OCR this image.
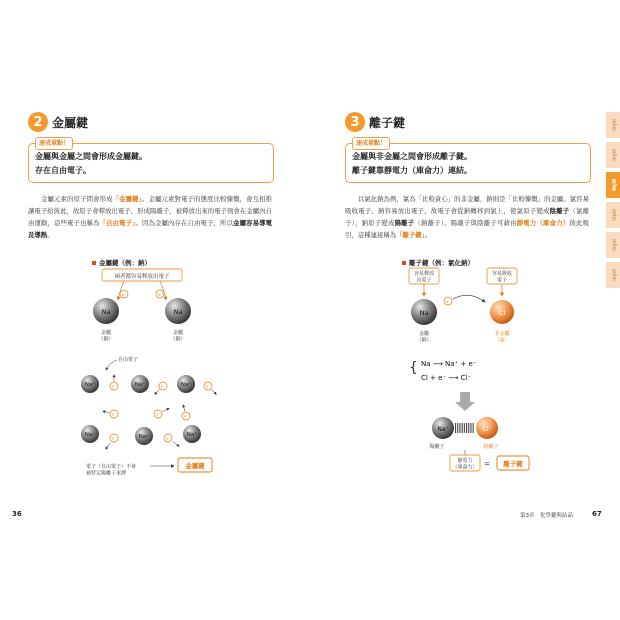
2 金屬鍵
速成重點！
金屬與金屬之間會形成金屬鍵。
存在自由電子。
　　金屬元素的原子間會形成「金屬鍵」。金屬元素對電子的態度比較慷慨，會互相推讓電子給彼此，故原子會釋放出電子，形成陽離子，被釋放出來的電子則會在金屬內自由運動，這些電子也稱為「自由電子」。因為金屬內存在自由電子，所以金屬容易導電及導熱。
金屬鍵（例：鈉）
兩者都容易釋放出電子
Na
e⁻
金屬（鈉）
Na
e⁻
金屬（鈉）
自由電子
Na⁺	Na⁺	Na⁺
Na⁺	Na⁺	Na⁺
e⁻	e⁻	e⁻
e⁻	e⁻
e⁻	e⁻
e⁻
電子（自由電子）不會被特定陽離子束縛
金屬鍵
36
3 離子鍵
速成重點！
金屬與非金屬之間會形成離子鍵。
離子鍵靠靜電力（庫侖力）連結。
　　以氯化鈉為例，氯為「比較貪心」的非金屬，鈉則是「比較慷慨」的金屬。氯容易吸收電子，鈉容易放出電子，故電子會從鈉轉移到氯上，使氯原子變成陰離子（氯離子），鈉原子變成陽離子（鈉離子）。陽離子與陰離子可藉由靜電力（庫侖力）彼此吸引，這種連接稱為「離子鍵」。
離子鍵（例：氯化鈉）
容易釋放出電子
容易吸收電子
Na
金屬（鈉）
e⁻
Cl
非金屬（氯）
{ Na ⟶ Na⁺ + e⁻
Cl + e⁻ ⟶ Cl⁻
Na⁺	Cl⁻
陽離子	陰離子
靜電力（庫侖力） = 離子鍵
第3章　化學鍵與結晶	67
第1章
第2章
第3章
第4章
第5章
第6章
